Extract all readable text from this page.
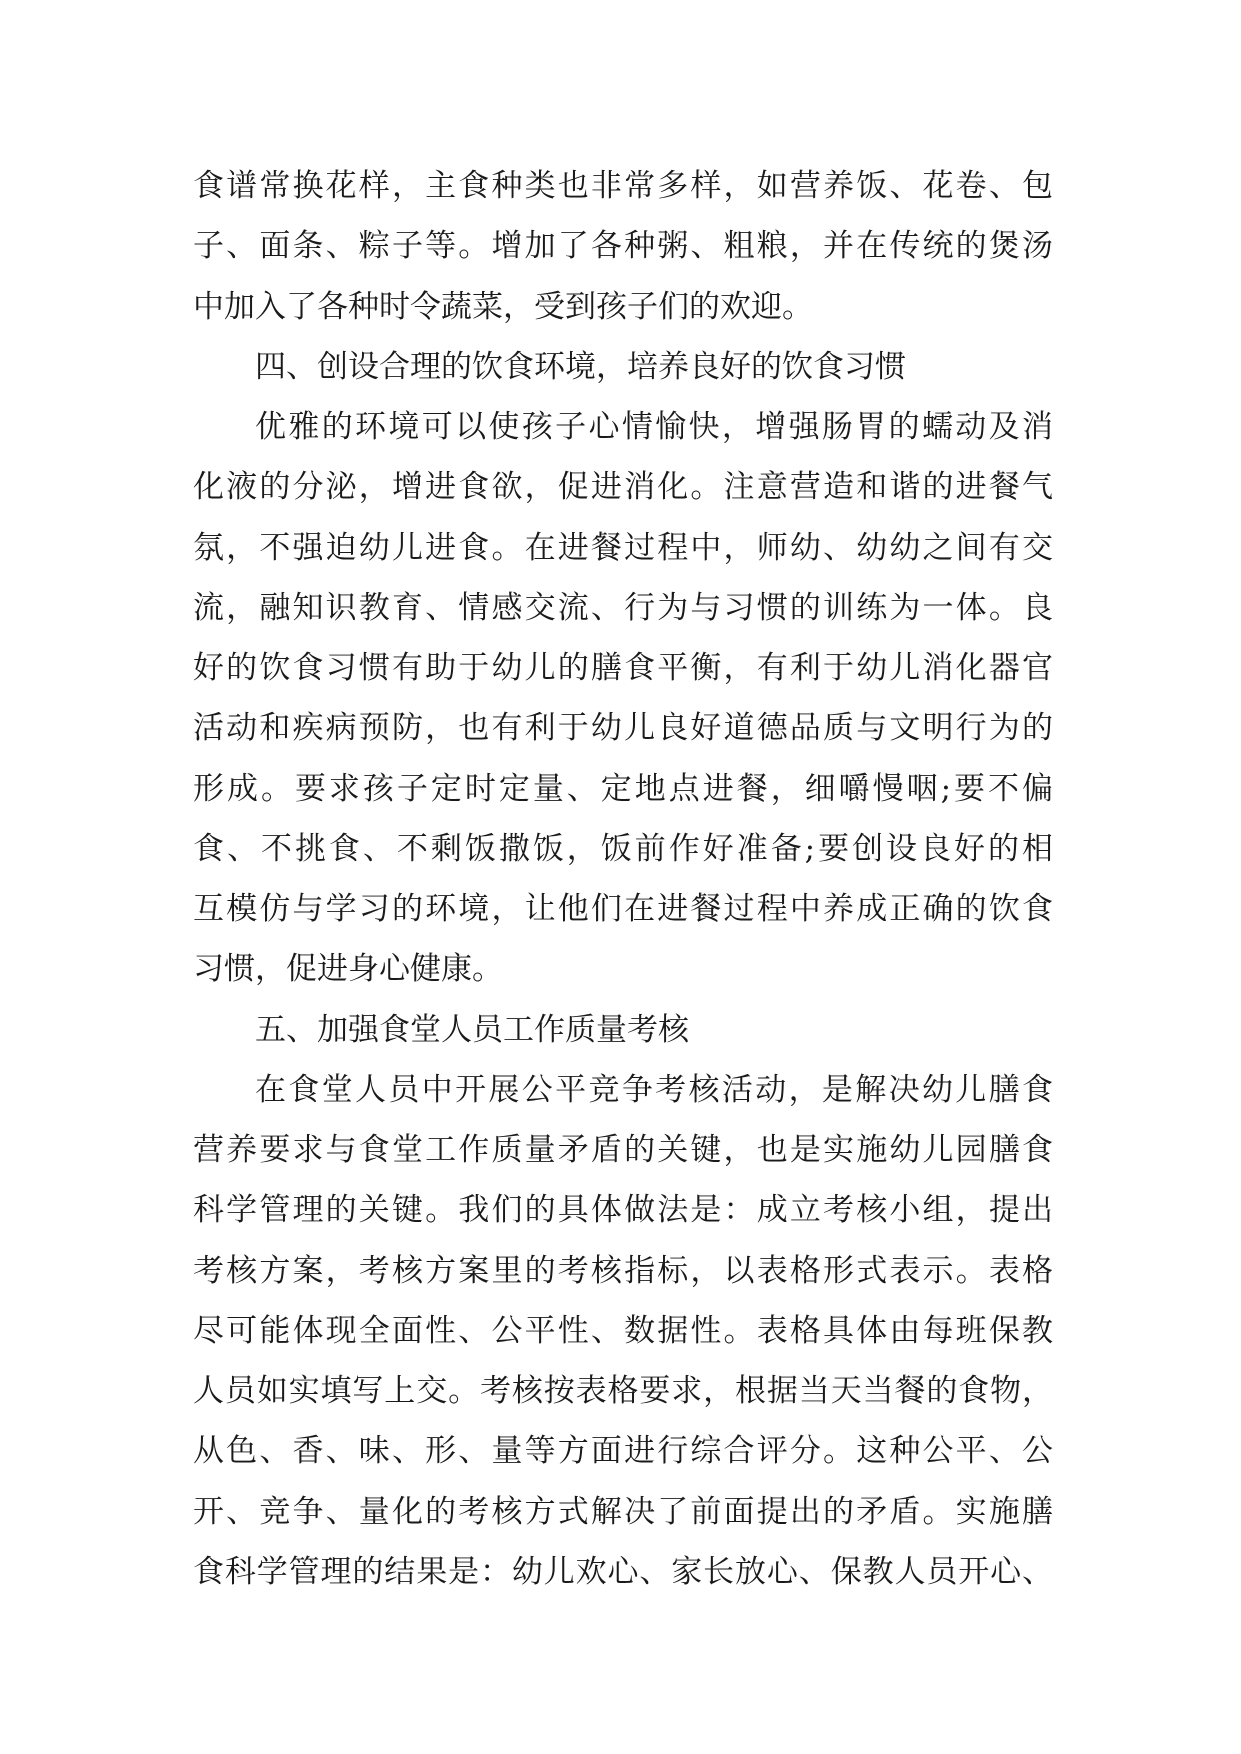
食谱常换花样，主食种类也非常多样，如营养饭、花卷、包
子、面条、粽子等。增加了各种粥、粗粮，并在传统的煲汤
中加入了各种时令蔬菜，受到孩子们的欢迎。
四、创设合理的饮食环境，培养良好的饮食习惯
优雅的环境可以使孩子心情愉快，增强肠胃的蠕动及消
化液的分泌，增进食欲，促进消化。注意营造和谐的进餐气
氛，不强迫幼儿进食。在进餐过程中，师幼、幼幼之间有交
流，融知识教育、情感交流、行为与习惯的训练为一体。良
好的饮食习惯有助于幼儿的膳食平衡，有利于幼儿消化器官
活动和疾病预防，也有利于幼儿良好道德品质与文明行为的
形成。要求孩子定时定量、定地点进餐，细嚼慢咽;要不偏
食、不挑食、不剩饭撒饭，饭前作好准备;要创设良好的相
互模仿与学习的环境，让他们在进餐过程中养成正确的饮食
习惯，促进身心健康。
五、加强食堂人员工作质量考核
在食堂人员中开展公平竞争考核活动，是解决幼儿膳食
营养要求与食堂工作质量矛盾的关键，也是实施幼儿园膳食
科学管理的关键。我们的具体做法是：成立考核小组，提出
考核方案，考核方案里的考核指标，以表格形式表示。表格
尽可能体现全面性、公平性、数据性。表格具体由每班保教
人员如实填写上交。考核按表格要求，根据当天当餐的食物，
从色、香、味、形、量等方面进行综合评分。这种公平、公
开、竞争、量化的考核方式解决了前面提出的矛盾。实施膳
食科学管理的结果是：幼儿欢心、家长放心、保教人员开心、
